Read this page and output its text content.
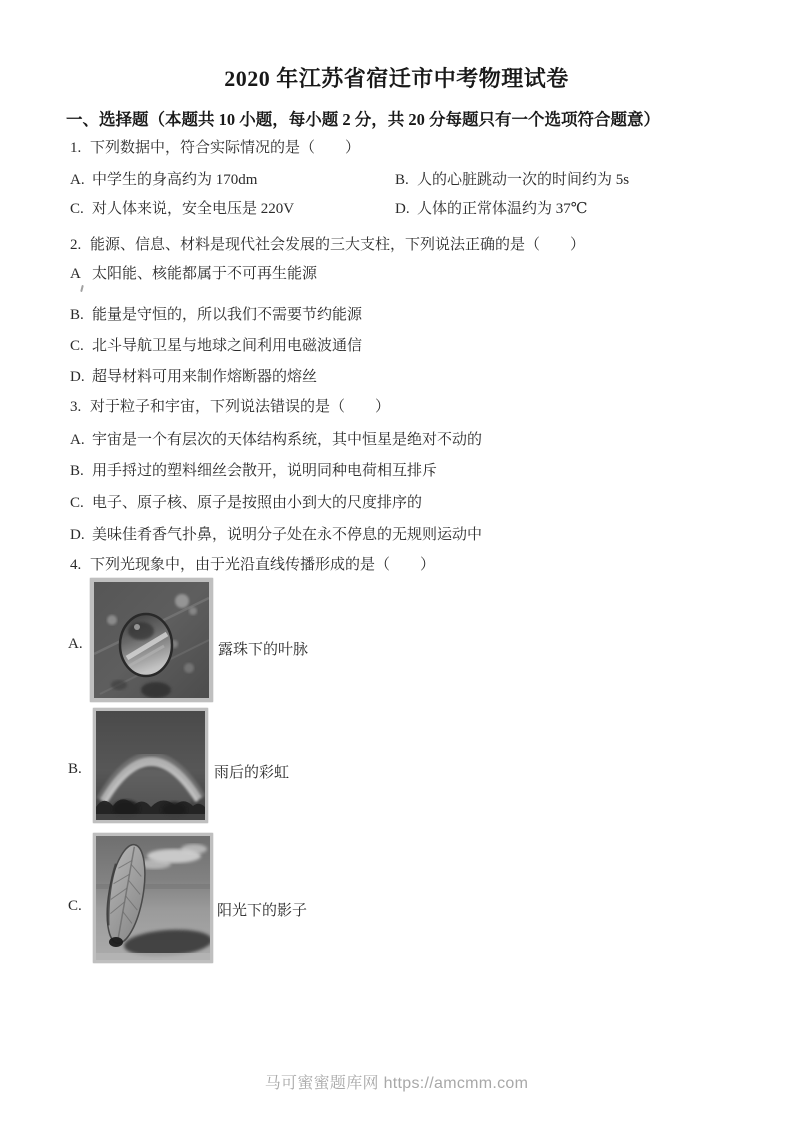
2020 年江苏省宿迁市中考物理试卷
一、选择题（本题共 10 小题，每小题 2 分，共 20 分每题只有一个选项符合题意）
1. 下列数据中，符合实际情况的是（　　）
A. 中学生的身高约为 170dm	B. 人的心脏跳动一次的时间约为 5s
C. 对人体来说，安全电压是 220V	D. 人体的正常体温约为 37℃
2. 能源、信息、材料是现代社会发展的三大支柱，下列说法正确的是（　　）
A 太阳能、核能都属于不可再生能源
B. 能量是守恒的，所以我们不需要节约能源
C. 北斗导航卫星与地球之间利用电磁波通信
D. 超导材料可用来制作熔断器的熔丝
3. 对于粒子和宇宙，下列说法错误的是（　　）
A. 宇宙是一个有层次的天体结构系统，其中恒星是绝对不动的
B. 用手捋过的塑料细丝会散开，说明同种电荷相互排斥
C. 电子、原子核、原子是按照由小到大的尺度排序的
D. 美味佳肴香气扑鼻，说明分子处在永不停息的无规则运动中
4. 下列光现象中，由于光沿直线传播形成的是（　　）
A.	露珠下的叶脉
B.	雨后的彩虹
C.	阳光下的影子
马可蜜蜜题库网 https://amcmm.com
